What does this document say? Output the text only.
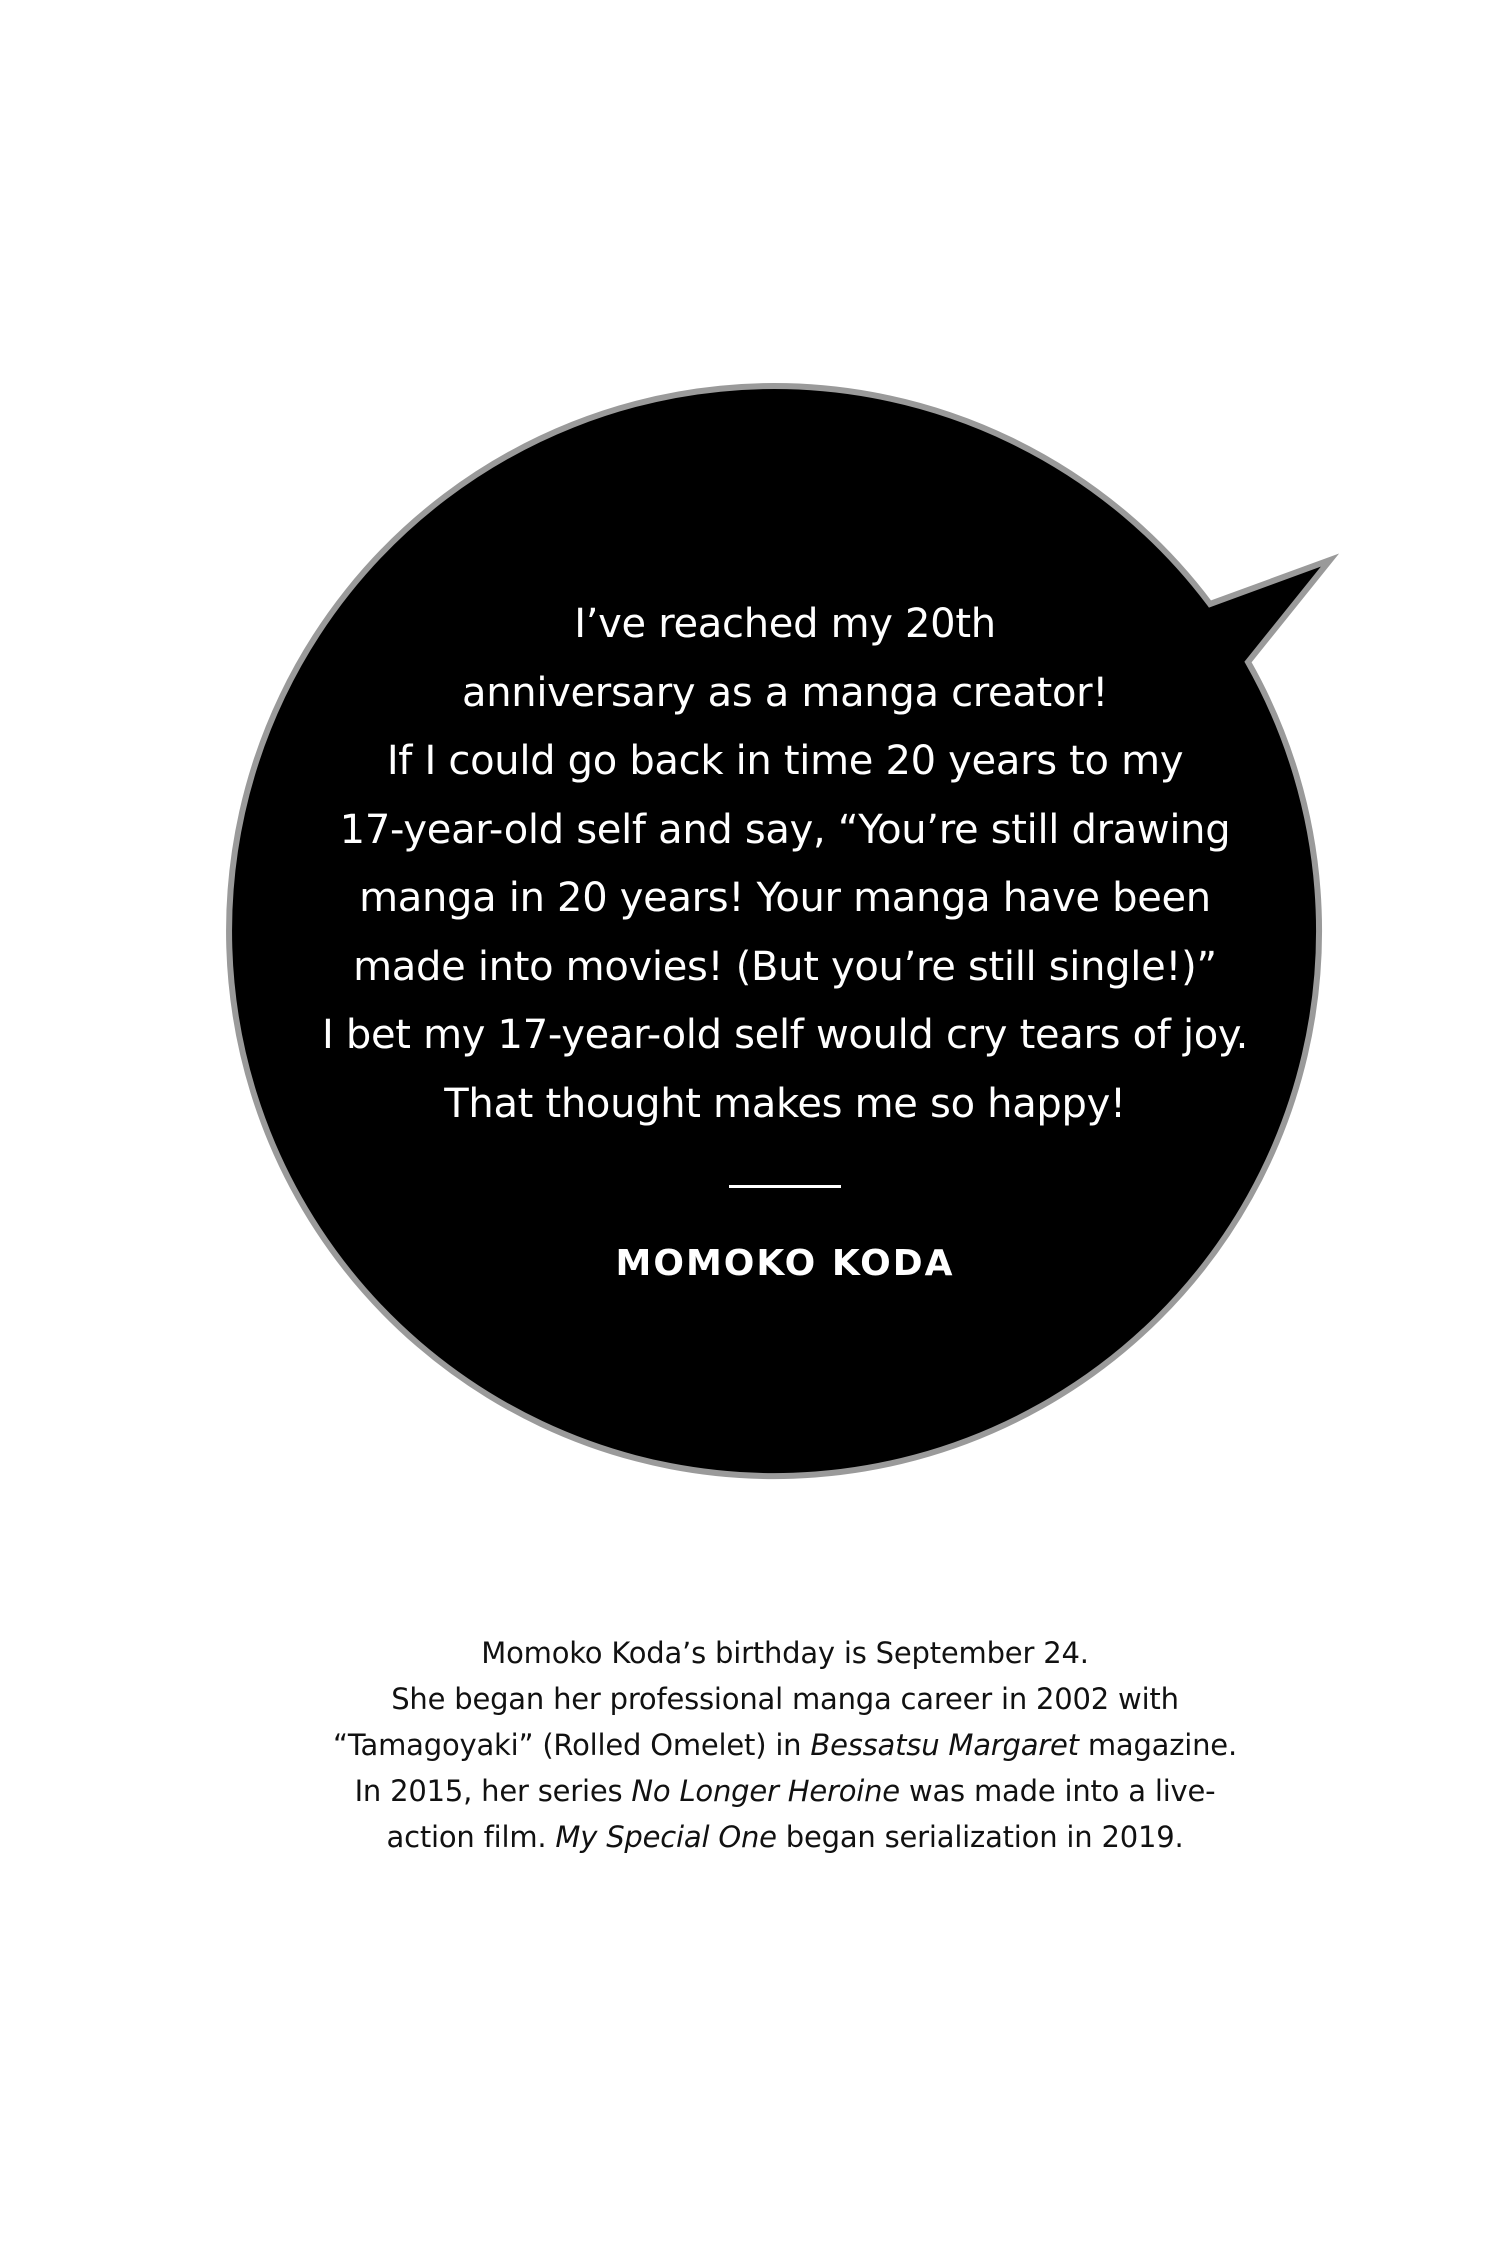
I’ve reached my 20th
anniversary as a manga creator!
If I could go back in time 20 years to my
17-year-old self and say, “You’re still drawing
manga in 20 years! Your manga have been
made into movies! (But you’re still single!)”
I bet my 17-year-old self would cry tears of joy.
That thought makes me so happy!
MOMOKO KODA
Momoko Koda’s birthday is September 24.
She began her professional manga career in 2002 with
“Tamagoyaki” (Rolled Omelet) in Bessatsu Margaret magazine.
In 2015, her series No Longer Heroine was made into a live-
action film. My Special One began serialization in 2019.
